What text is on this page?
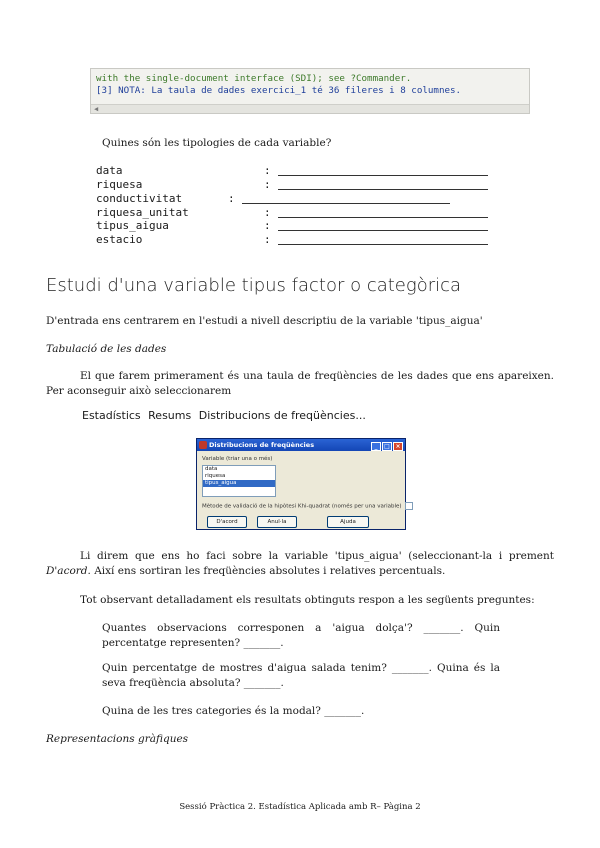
with the single-document interface (SDI); see ?Commander.
[3] NOTA: La taula de dades exercici_1 té 36 fileres i 8 columnes.
◀
Quines són les tipologies de cada variable?
data	:
riquesa	:
conductivitat	:
riquesa_unitat	:
tipus_aigua	:
estacio	:
Estudi d'una variable tipus factor o categòrica
D'entrada ens centrarem en l'estudi a nivell descriptiu de la variable 'tipus_aigua'
Tabulació de les dades
El que farem primerament és una taula de freqüències de les dades que ens apareixen. Per aconseguir això seleccionarem
Estadístics Resums Distribucions de freqüències...
Distribucions de freqüències	_ □ ×
Variable (triar una o més)
data
riquesa
tipus_aigua
Mètode de validació de la hipòtesi Khi-quadrat (només per una variable)
D'acord	Anul·la	Ajuda
Li direm que ens ho faci sobre la variable 'tipus_aigua' (seleccionant-la i prement D'acord. Així ens sortiran les freqüències absolutes i relatives percentuals.
Tot observant detalladament els resultats obtinguts respon a les següents preguntes:
Quantes observacions corresponen a 'aigua dolça'? _______. Quin percentatge representen? _______.
Quin percentatge de mostres d'aigua salada tenim? _______. Quina és la seva freqüència absoluta? _______.
Quina de les tres categories és la modal? _______.
Representacions gràfiques
Sessió Pràctica 2. Estadística Aplicada amb R– Pàgina 2
